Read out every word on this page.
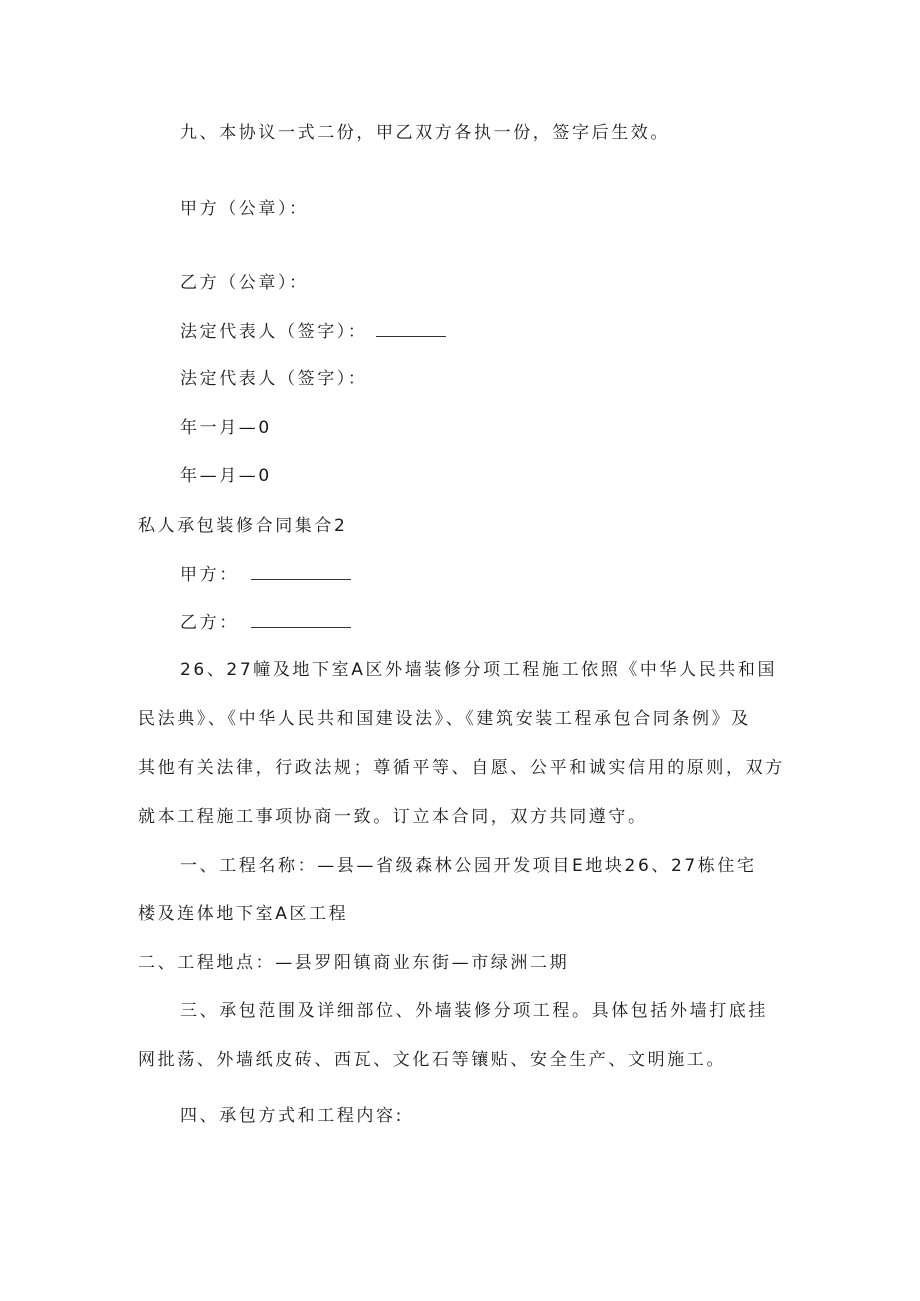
九、本协议一式二份，甲乙双方各执一份，签字后生效。
甲方（公章）：
乙方（公章）：
法定代表人（签字）：
法定代表人（签字）：
年一月—0
年—月—0
私人承包装修合同集合2
甲方：
乙方：
26、27幢及地下室A区外墙装修分项工程施工依照《中华人民共和国
民法典》、《中华人民共和国建设法》、《建筑安装工程承包合同条例》及
其他有关法律，行政法规；尊循平等、自愿、公平和诚实信用的原则，双方
就本工程施工事项协商一致。订立本合同，双方共同遵守。
一、工程名称：—县—省级森林公园开发项目E地块26、27栋住宅
楼及连体地下室A区工程
二、工程地点：—县罗阳镇商业东街—市绿洲二期
三、承包范围及详细部位、外墙装修分项工程。具体包括外墙打底挂
网批荡、外墙纸皮砖、西瓦、文化石等镶贴、安全生产、文明施工。
四、承包方式和工程内容:
